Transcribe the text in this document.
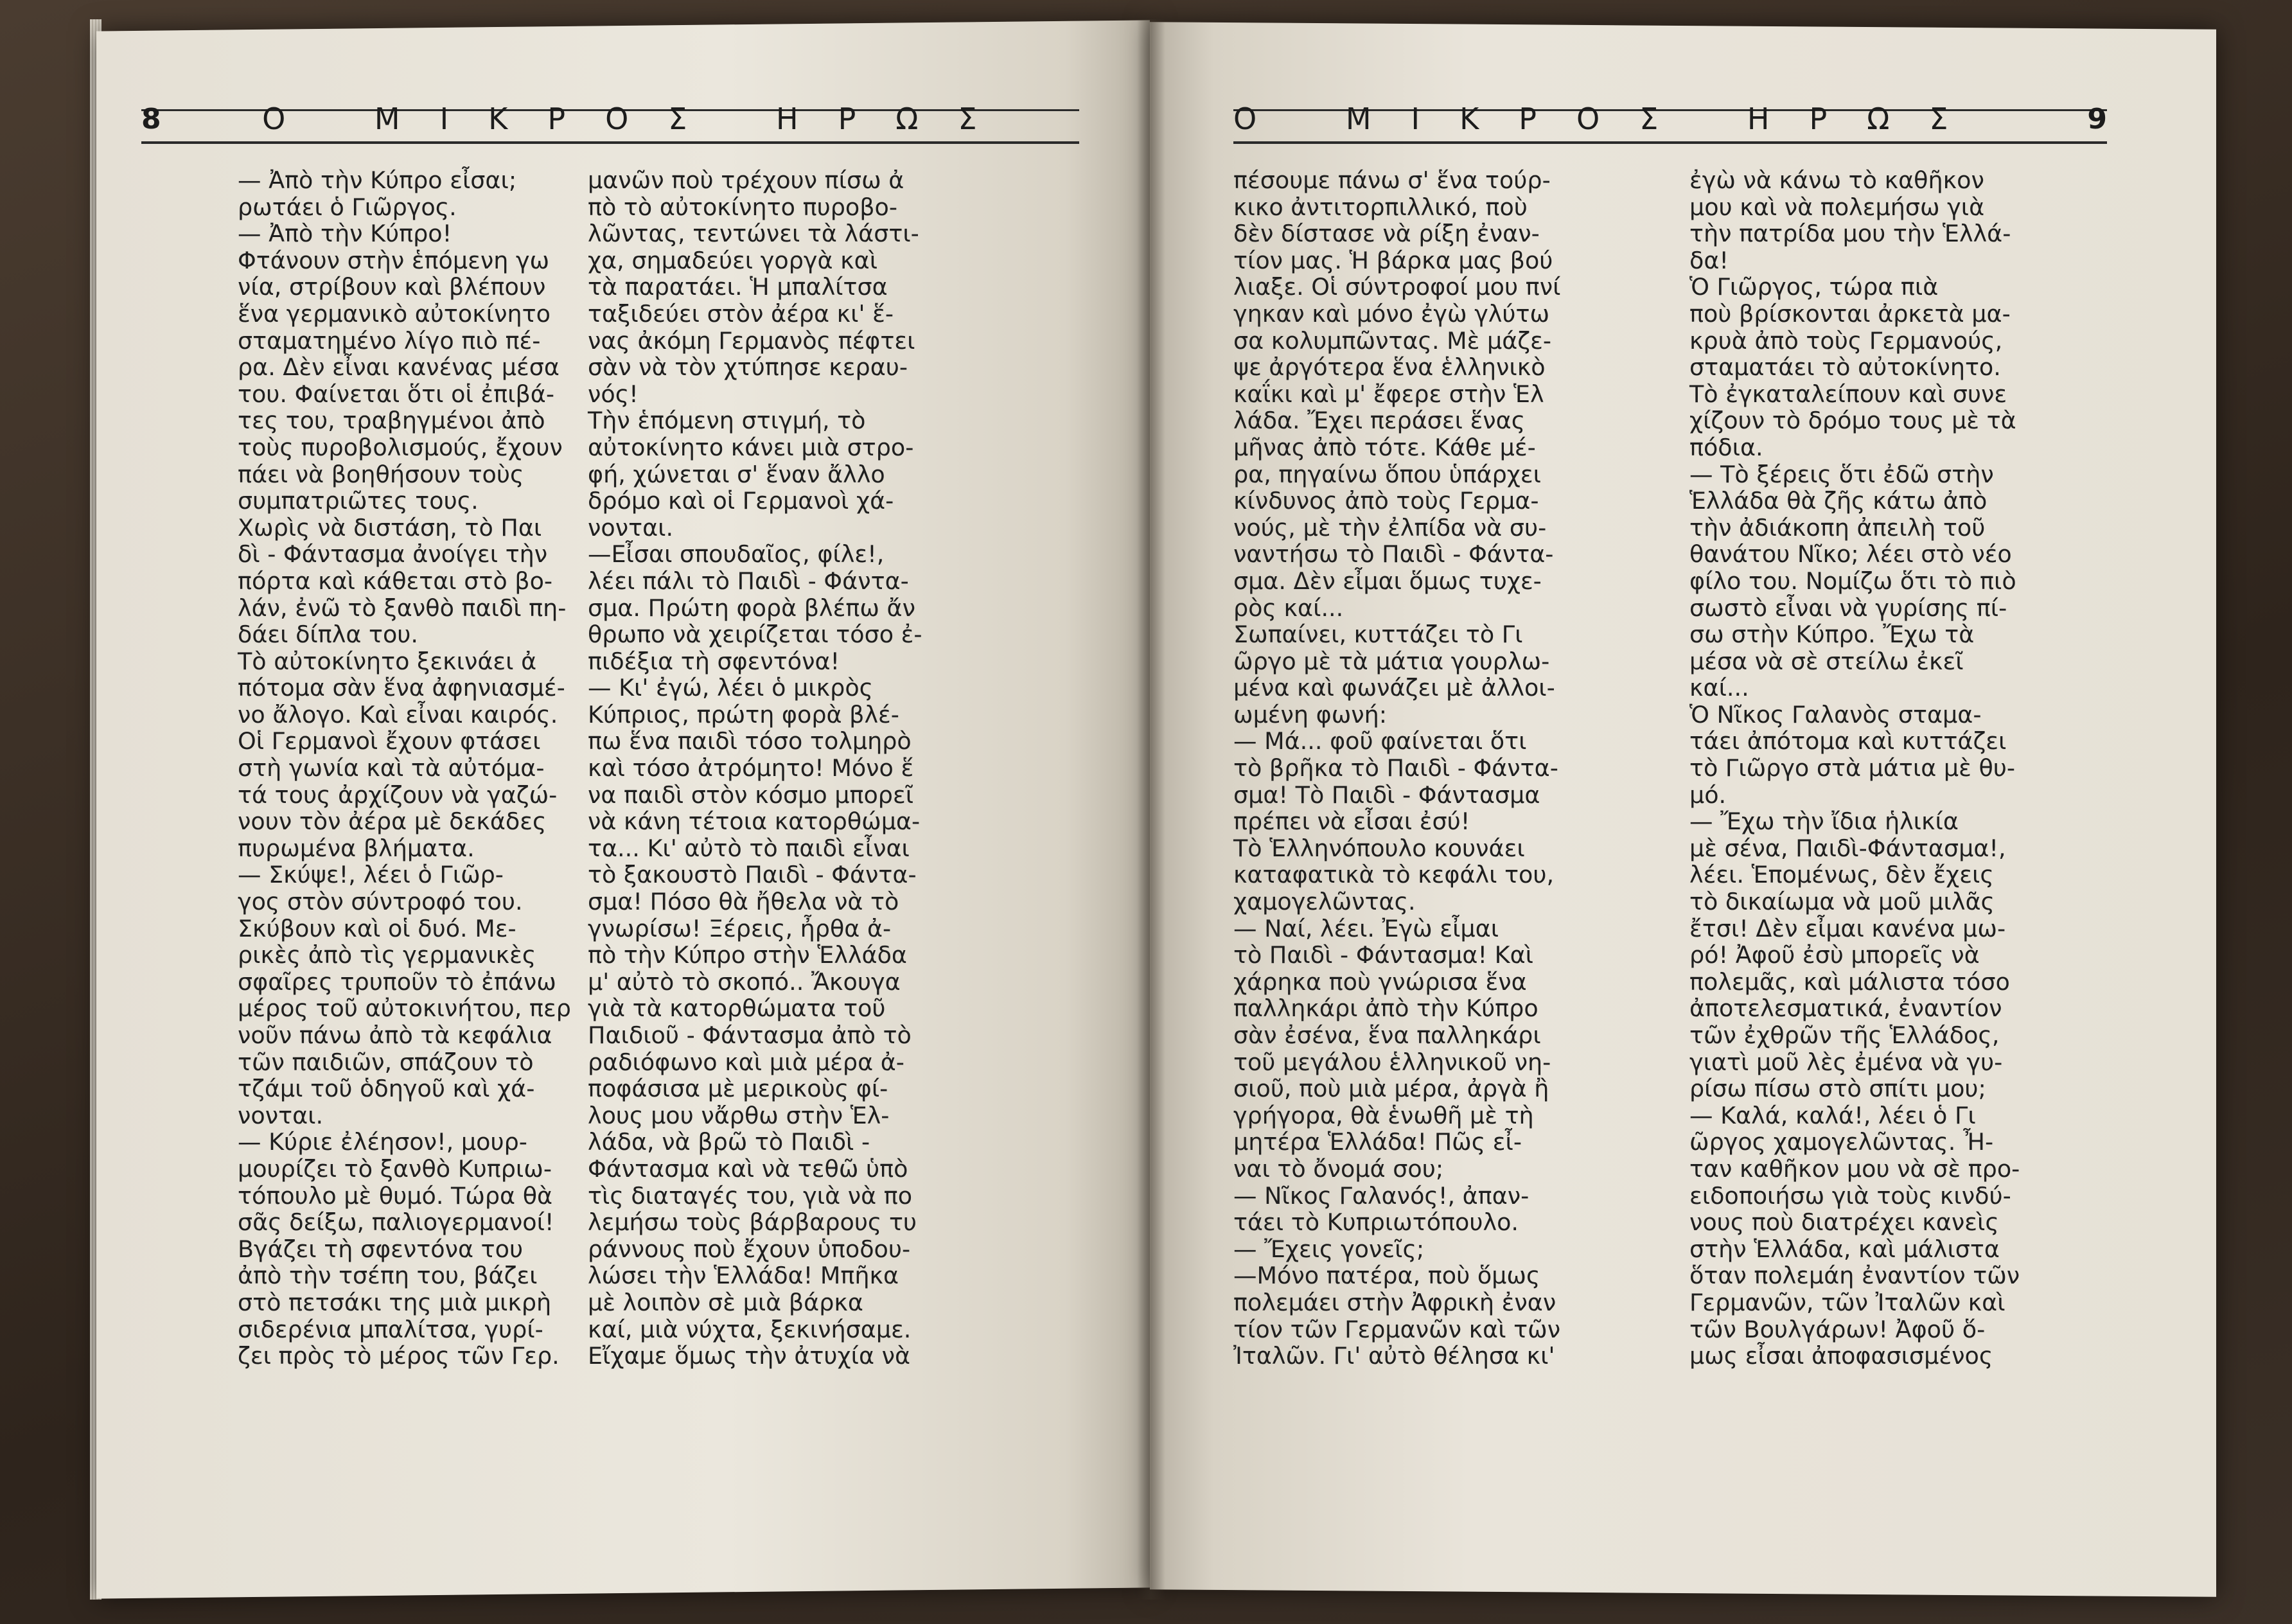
8	Ο ΜΙΚΡΟΣ ΗΡΩΣ	Ο ΜΙΚΡΟΣ ΗΡΩΣ	9
— Ἀπὸ τὴν Κύπρο εἶσαι;
ρωτάει ὁ Γιῶργος.
— Ἀπὸ τὴν Κύπρο!
Φτάνουν στὴν ἑπόμενη γω
νία, στρίβουν καὶ βλέπουν
ἕνα γερμανικὸ αὐτοκίνητο
σταματημένο λίγο πιὸ πέ-
ρα. Δὲν εἶναι κανένας μέσα
του. Φαίνεται ὅτι οἱ ἐπιβά-
τες του, τραβηγμένοι ἀπὸ
τοὺς πυροβολισμούς, ἔχουν
πάει νὰ βοηθήσουν τοὺς
συμπατριῶτες τους.
Χωρὶς νὰ διστάση, τὸ Παι
δὶ - Φάντασμα ἀνοίγει τὴν
πόρτα καὶ κάθεται στὸ βο-
λάν, ἐνῶ τὸ ξανθὸ παιδὶ πη-
δάει δίπλα του.
Τὸ αὐτοκίνητο ξεκινάει ἀ
πότομα σὰν ἕνα ἀφηνιασμέ-
νο ἄλογο. Καὶ εἶναι καιρός.
Οἱ Γερμανοὶ ἔχουν φτάσει
στὴ γωνία καὶ τὰ αὐτόμα-
τά τους ἀρχίζουν νὰ γαζώ-
νουν τὸν ἀέρα μὲ δεκάδες
πυρωμένα βλήματα.
— Σκύψε!, λέει ὁ Γιῶρ-
γος στὸν σύντροφό του.
Σκύβουν καὶ οἱ δυό. Με-
ρικὲς ἀπὸ τὶς γερμανικὲς
σφαῖρες τρυποῦν τὸ ἐπάνω
μέρος τοῦ αὐτοκινήτου, περ
νοῦν πάνω ἀπὸ τὰ κεφάλια
τῶν παιδιῶν, σπάζουν τὸ
τζάμι τοῦ ὁδηγοῦ καὶ χά-
νονται.
— Κύριε ἐλέησον!, μουρ-
μουρίζει τὸ ξανθὸ Κυπριω-
τόπουλο μὲ θυμό. Τώρα θὰ
σᾶς δείξω, παλιογερμανοί!
Βγάζει τὴ σφεντόνα του
ἀπὸ τὴν τσέπη του, βάζει
στὸ πετσάκι της μιὰ μικρὴ
σιδερένια μπαλίτσα, γυρί-
ζει πρὸς τὸ μέρος τῶν Γερ.
μανῶν ποὺ τρέχουν πίσω ἀ
πὸ τὸ αὐτοκίνητο πυροβο-
λῶντας, τεντώνει τὰ λάστι-
χα, σημαδεύει γοργὰ καὶ
τὰ παρατάει. Ἡ μπαλίτσα
ταξιδεύει στὸν ἀέρα κι' ἕ-
νας ἀκόμη Γερμανὸς πέφτει
σὰν νὰ τὸν χτύπησε κεραυ-
νός!
Τὴν ἑπόμενη στιγμή, τὸ
αὐτοκίνητο κάνει μιὰ στρο-
φή, χώνεται σ' ἕναν ἄλλο
δρόμο καὶ οἱ Γερμανοὶ χά-
νονται.
—Εἶσαι σπουδαῖος, φίλε!,
λέει πάλι τὸ Παιδὶ - Φάντα-
σμα. Πρώτη φορὰ βλέπω ἄν
θρωπο νὰ χειρίζεται τόσο ἐ-
πιδέξια τὴ σφεντόνα!
— Κι' ἐγώ, λέει ὁ μικρὸς
Κύπριος, πρώτη φορὰ βλέ-
πω ἕνα παιδὶ τόσο τολμηρὸ
καὶ τόσο ἀτρόμητο! Μόνο ἕ
να παιδὶ στὸν κόσμο μπορεῖ
νὰ κάνη τέτοια κατορθώμα-
τα... Κι' αὐτὸ τὸ παιδὶ εἶναι
τὸ ξακουστὸ Παιδὶ - Φάντα-
σμα! Πόσο θὰ ἤθελα νὰ τὸ
γνωρίσω! Ξέρεις, ἦρθα ἀ-
πὸ τὴν Κύπρο στὴν Ἑλλάδα
μ' αὐτὸ τὸ σκοπό.. Ἄκουγα
γιὰ τὰ κατορθώματα τοῦ
Παιδιοῦ - Φάντασμα ἀπὸ τὸ
ραδιόφωνο καὶ μιὰ μέρα ἀ-
ποφάσισα μὲ μερικοὺς φί-
λους μου νἄρθω στὴν Ἑλ-
λάδα, νὰ βρῶ τὸ Παιδὶ -
Φάντασμα καὶ νὰ τεθῶ ὑπὸ
τὶς διαταγές του, γιὰ νὰ πο
λεμήσω τοὺς βάρβαρους τυ
ράννους ποὺ ἔχουν ὑποδου-
λώσει τὴν Ἑλλάδα! Μπῆκα
μὲ λοιπὸν σὲ μιὰ βάρκα
καί, μιὰ νύχτα, ξεκινήσαμε.
Εἴχαμε ὅμως τὴν ἀτυχία νὰ
πέσουμε πάνω σ' ἕνα τούρ-
κικο ἀντιτορπιλλικό, ποὺ
δὲν δίστασε νὰ ρίξη ἐναν-
τίον μας. Ἡ βάρκα μας βού
λιαξε. Οἱ σύντροφοί μου πνί
γηκαν καὶ μόνο ἐγὼ γλύτω
σα κολυμπῶντας. Μὲ μάζε-
ψε ἀργότερα ἕνα ἑλληνικὸ
καΐκι καὶ μ' ἔφερε στὴν Ἑλ
λάδα. Ἔχει περάσει ἕνας
μῆνας ἀπὸ τότε. Κάθε μέ-
ρα, πηγαίνω ὅπου ὑπάρχει
κίνδυνος ἀπὸ τοὺς Γερμα-
νούς, μὲ τὴν ἐλπίδα νὰ συ-
ναντήσω τὸ Παιδὶ - Φάντα-
σμα. Δὲν εἶμαι ὅμως τυχε-
ρὸς καί...
Σωπαίνει, κυττάζει τὸ Γι
ῶργο μὲ τὰ μάτια γουρλω-
μένα καὶ φωνάζει μὲ ἀλλοι-
ωμένη φωνή:
— Μά... φοῦ φαίνεται ὅτι
τὸ βρῆκα τὸ Παιδὶ - Φάντα-
σμα! Τὸ Παιδὶ - Φάντασμα
πρέπει νὰ εἶσαι ἐσύ!
Τὸ Ἑλληνόπουλο κουνάει
καταφατικὰ τὸ κεφάλι του,
χαμογελῶντας.
— Ναί, λέει. Ἐγὼ εἶμαι
τὸ Παιδὶ - Φάντασμα! Καὶ
χάρηκα ποὺ γνώρισα ἕνα
παλληκάρι ἀπὸ τὴν Κύπρο
σὰν ἐσένα, ἕνα παλληκάρι
τοῦ μεγάλου ἑλληνικοῦ νη-
σιοῦ, ποὺ μιὰ μέρα, ἀργὰ ἢ
γρήγορα, θὰ ἑνωθῆ μὲ τὴ
μητέρα Ἑλλάδα! Πῶς εἶ-
ναι τὸ ὄνομά σου;
— Νῖκος Γαλανός!, ἀπαν-
τάει τὸ Κυπριωτόπουλο.
— Ἔχεις γονεῖς;
—Μόνο πατέρα, ποὺ ὅμως
πολεμάει στὴν Ἀφρικὴ ἐναν
τίον τῶν Γερμανῶν καὶ τῶν
Ἰταλῶν. Γι' αὐτὸ θέλησα κι'
ἐγὼ νὰ κάνω τὸ καθῆκον
μου καὶ νὰ πολεμήσω γιὰ
τὴν πατρίδα μου τὴν Ἑλλά-
δα!
Ὁ Γιῶργος, τώρα πιὰ
ποὺ βρίσκονται ἀρκετὰ μα-
κρυὰ ἀπὸ τοὺς Γερμανούς,
σταματάει τὸ αὐτοκίνητο.
Τὸ ἐγκαταλείπουν καὶ συνε
χίζουν τὸ δρόμο τους μὲ τὰ
πόδια.
— Τὸ ξέρεις ὅτι ἐδῶ στὴν
Ἑλλάδα θὰ ζῆς κάτω ἀπὸ
τὴν ἀδιάκοπη ἀπειλὴ τοῦ
θανάτου Νῖκο; λέει στὸ νέο
φίλο του. Νομίζω ὅτι τὸ πιὸ
σωστὸ εἶναι νὰ γυρίσης πί-
σω στὴν Κύπρο. Ἔχω τὰ
μέσα νὰ σὲ στείλω ἐκεῖ
καί...
Ὁ Νῖκος Γαλανὸς σταμα-
τάει ἀπότομα καὶ κυττάζει
τὸ Γιῶργο στὰ μάτια μὲ θυ-
μό.
— Ἔχω τὴν ἴδια ἡλικία
μὲ σένα, Παιδὶ-Φάντασμα!,
λέει. Ἑπομένως, δὲν ἔχεις
τὸ δικαίωμα νὰ μοῦ μιλᾶς
ἔτσι! Δὲν εἶμαι κανένα μω-
ρό! Ἀφοῦ ἐσὺ μπορεῖς νὰ
πολεμᾶς, καὶ μάλιστα τόσο
ἀποτελεσματικά, ἐναντίον
τῶν ἐχθρῶν τῆς Ἑλλάδος,
γιατὶ μοῦ λὲς ἐμένα νὰ γυ-
ρίσω πίσω στὸ σπίτι μου;
— Καλά, καλά!, λέει ὁ Γι
ῶργος χαμογελῶντας. Ἦ-
ταν καθῆκον μου νὰ σὲ προ-
ειδοποιήσω γιὰ τοὺς κινδύ-
νους ποὺ διατρέχει κανεὶς
στὴν Ἑλλάδα, καὶ μάλιστα
ὅταν πολεμάη ἐναντίον τῶν
Γερμανῶν, τῶν Ἰταλῶν καὶ
τῶν Βουλγάρων! Ἀφοῦ ὅ-
μως εἶσαι ἀποφασισμένος
